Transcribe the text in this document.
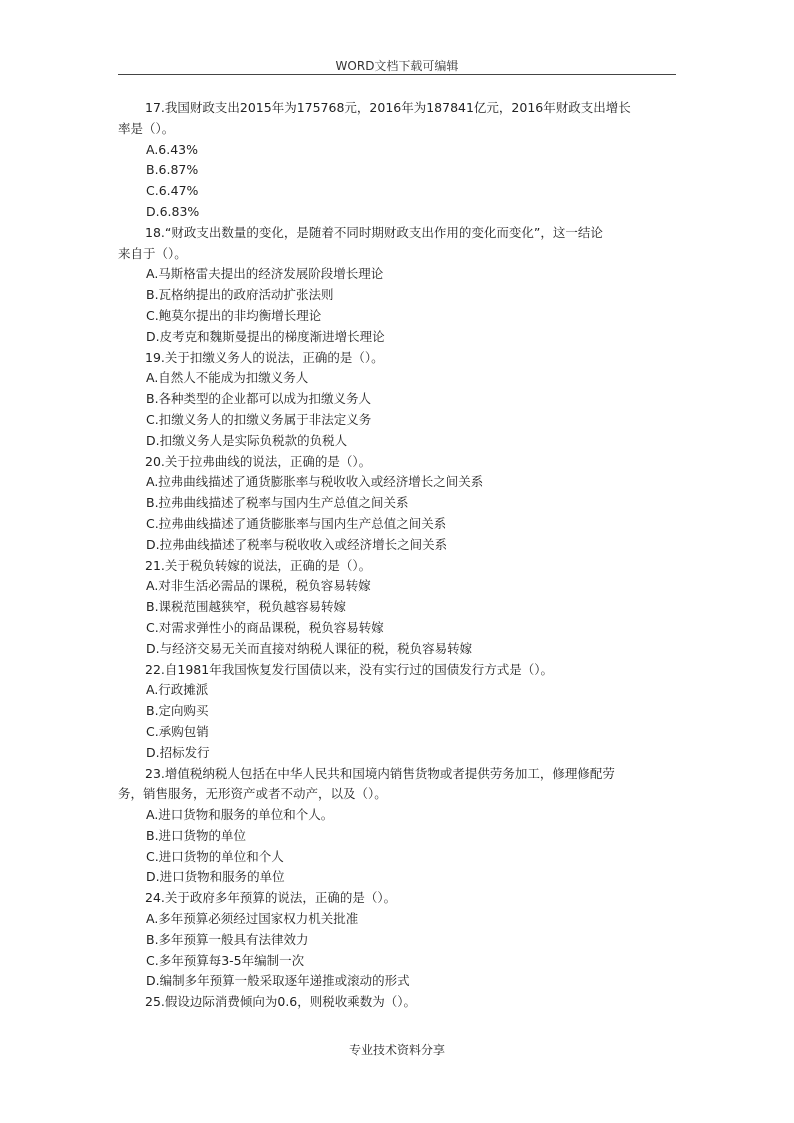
WORD文档下载可编辑
17.我国财政支出2015年为175768元，2016年为187841亿元，2016年财政支出增长
率是（）。
A.6.43%
B.6.87%
C.6.47%
D.6.83%
18.“财政支出数量的变化，是随着不同时期财政支出作用的变化而变化”，这一结论
来自于（）。
A.马斯格雷夫提出的经济发展阶段增长理论
B.瓦格纳提出的政府活动扩张法则
C.鲍莫尔提出的非均衡增长理论
D.皮考克和魏斯曼提出的梯度渐进增长理论
19.关于扣缴义务人的说法，正确的是（）。
A.自然人不能成为扣缴义务人
B.各种类型的企业都可以成为扣缴义务人
C.扣缴义务人的扣缴义务属于非法定义务
D.扣缴义务人是实际负税款的负税人
20.关于拉弗曲线的说法，正确的是（）。
A.拉弗曲线描述了通货膨胀率与税收收入或经济增长之间关系
B.拉弗曲线描述了税率与国内生产总值之间关系
C.拉弗曲线描述了通货膨胀率与国内生产总值之间关系
D.拉弗曲线描述了税率与税收收入或经济增长之间关系
21.关于税负转嫁的说法，正确的是（）。
A.对非生活必需品的课税，税负容易转嫁
B.课税范围越狭窄，税负越容易转嫁
C.对需求弹性小的商品课税，税负容易转嫁
D.与经济交易无关而直接对纳税人课征的税，税负容易转嫁
22.自1981年我国恢复发行国债以来，没有实行过的国债发行方式是（）。
A.行政摊派
B.定向购买
C.承购包销
D.招标发行
23.增值税纳税人包括在中华人民共和国境内销售货物或者提供劳务加工，修理修配劳
务，销售服务，无形资产或者不动产，以及（）。
A.进口货物和服务的单位和个人。
B.进口货物的单位
C.进口货物的单位和个人
D.进口货物和服务的单位
24.关于政府多年预算的说法，正确的是（）。
A.多年预算必须经过国家权力机关批准
B.多年预算一般具有法律效力
C.多年预算每3-5年编制一次
D.编制多年预算一般采取逐年递推或滚动的形式
25.假设边际消费倾向为0.6，则税收乘数为（）。
专业技术资料分享
